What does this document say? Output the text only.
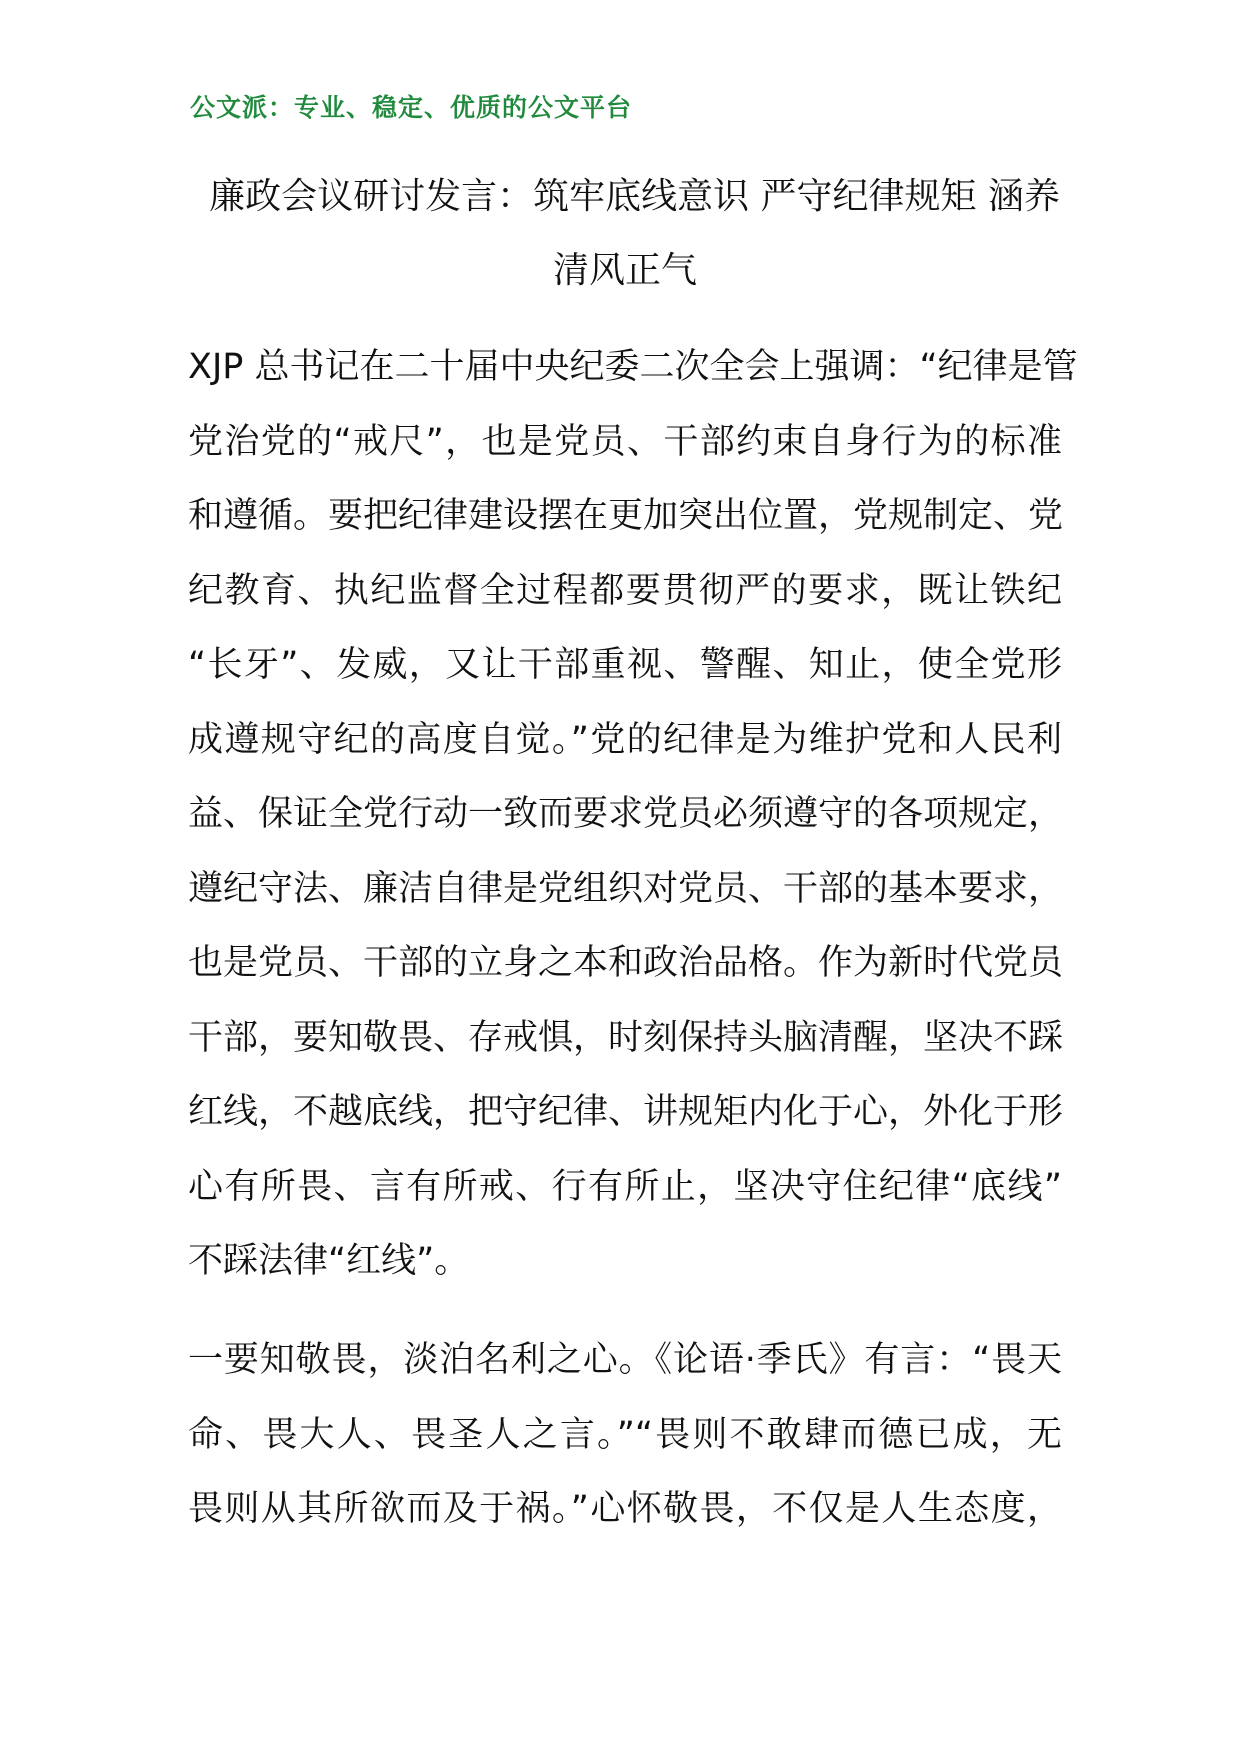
公文派：专业、稳定、优质的公文平台
廉政会议研讨发言：筑牢底线意识 严守纪律规矩 涵养
清风正气
XJP 总书记在二十届中央纪委二次全会上强调：“纪律是管
党治党的“戒尺”，也是党员、干部约束自身行为的标准
和遵循。要把纪律建设摆在更加突出位置，党规制定、党
纪教育、执纪监督全过程都要贯彻严的要求，既让铁纪
“长牙”、发威，又让干部重视、警醒、知止，使全党形
成遵规守纪的高度自觉。”党的纪律是为维护党和人民利
益、保证全党行动一致而要求党员必须遵守的各项规定，
遵纪守法、廉洁自律是党组织对党员、干部的基本要求，
也是党员、干部的立身之本和政治品格。作为新时代党员
干部，要知敬畏、存戒惧，时刻保持头脑清醒，坚决不踩
红线，不越底线，把守纪律、讲规矩内化于心，外化于形
心有所畏、言有所戒、行有所止，坚决守住纪律“底线”
不踩法律“红线”。
一要知敬畏，淡泊名利之心。《论语·季氏》有言：“畏天
命、畏大人、畏圣人之言。”“畏则不敢肆而德已成，无
畏则从其所欲而及于祸。”心怀敬畏，不仅是人生态度，
